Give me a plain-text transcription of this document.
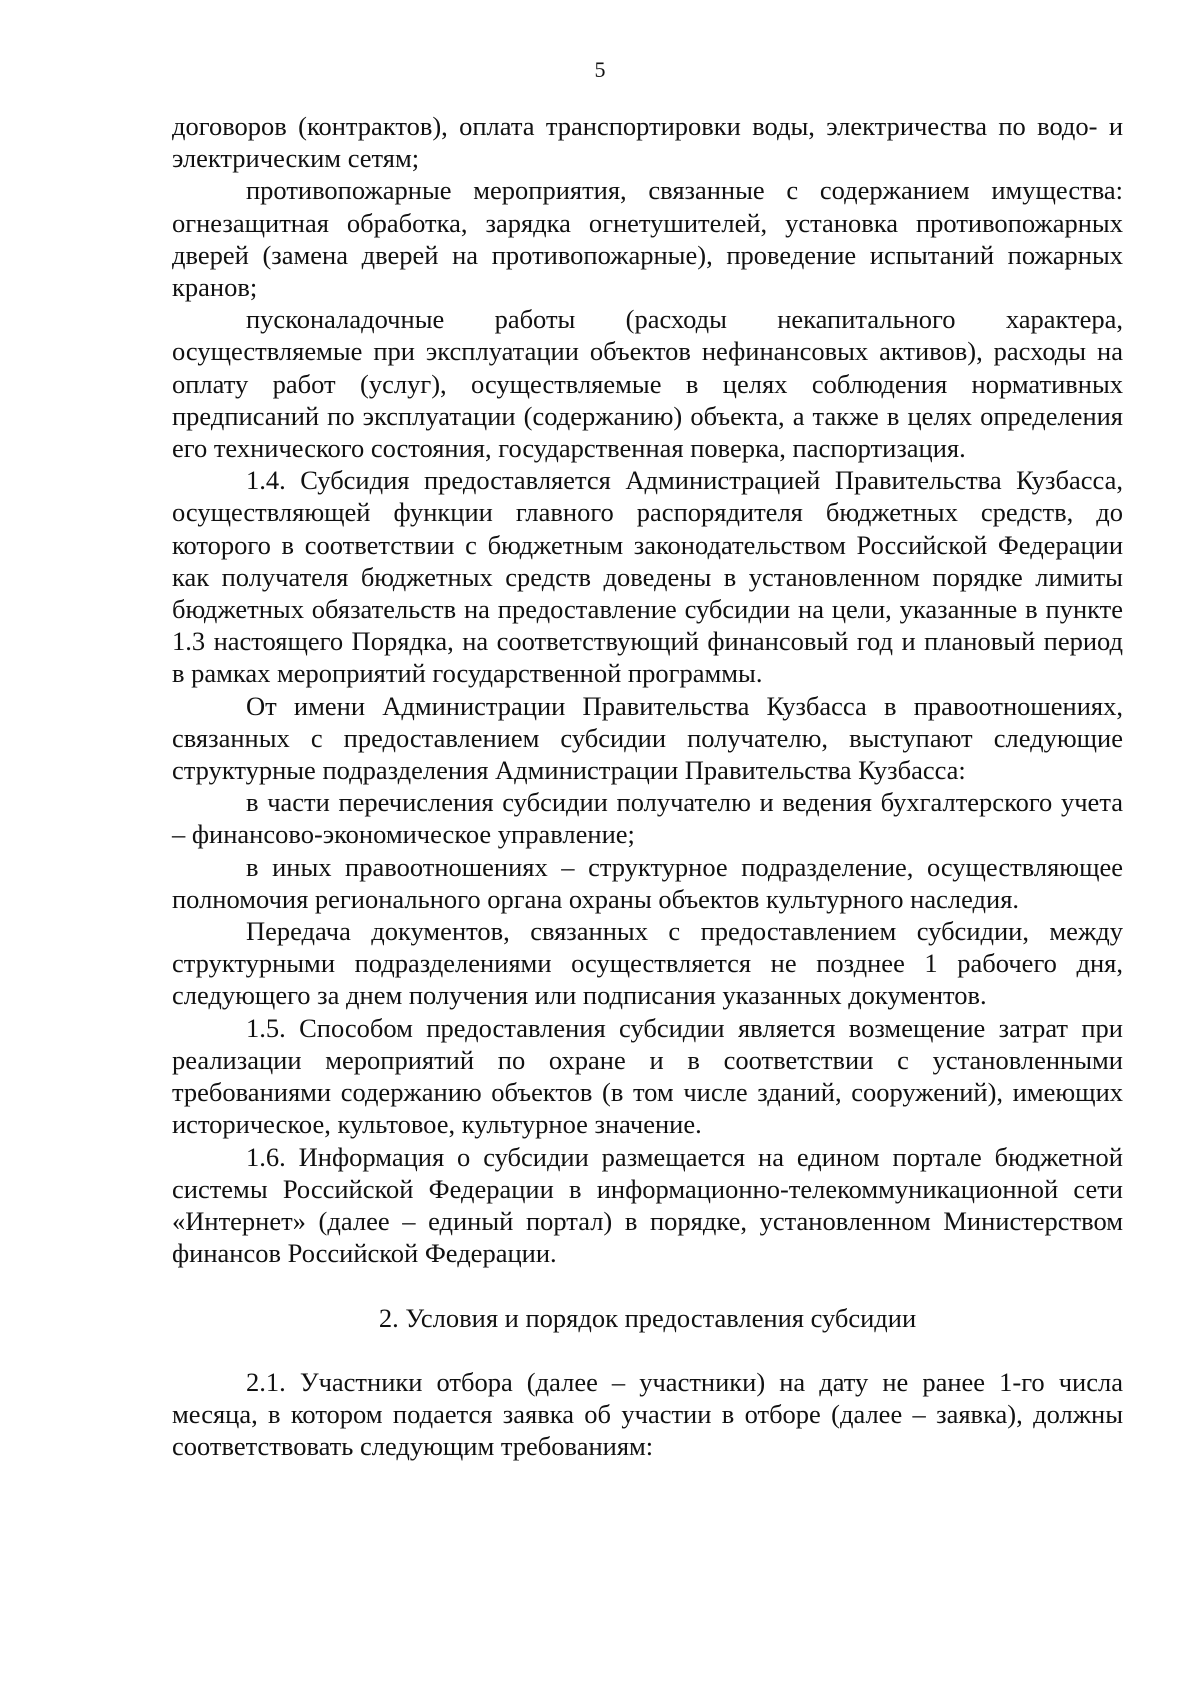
5

договоров (контрактов), оплата транспортировки воды, электричества по водо- и электрическим сетям;

противопожарные мероприятия, связанные с содержанием имущества: огнезащитная обработка, зарядка огнетушителей, установка противопожарных дверей (замена дверей на противопожарные), проведение испытаний пожарных кранов;

пусконаладочные работы (расходы некапитального характера, осуществляемые при эксплуатации объектов нефинансовых активов), расходы на оплату работ (услуг), осуществляемые в целях соблюдения нормативных предписаний по эксплуатации (содержанию) объекта, а также в целях определения его технического состояния, государственная поверка, паспортизация.

1.4. Субсидия предоставляется Администрацией Правительства Кузбасса, осуществляющей функции главного распорядителя бюджетных средств, до которого в соответствии с бюджетным законодательством Российской Федерации как получателя бюджетных средств доведены в установленном порядке лимиты бюджетных обязательств на предоставление субсидии на цели, указанные в пункте 1.3 настоящего Порядка, на соответствующий финансовый год и плановый период в рамках мероприятий государственной программы.

От имени Администрации Правительства Кузбасса в правоотношениях, связанных с предоставлением субсидии получателю, выступают следующие структурные подразделения Администрации Правительства Кузбасса:

в части перечисления субсидии получателю и ведения бухгалтерского учета – финансово-экономическое управление;

в иных правоотношениях – структурное подразделение, осуществляющее полномочия регионального органа охраны объектов культурного наследия.

Передача документов, связанных с предоставлением субсидии, между структурными подразделениями осуществляется не позднее 1 рабочего дня, следующего за днем получения или подписания указанных документов.

1.5. Способом предоставления субсидии является возмещение затрат при реализации мероприятий по охране и в соответствии с установленными требованиями содержанию объектов (в том числе зданий, сооружений), имеющих историческое, культовое, культурное значение.

1.6. Информация о субсидии размещается на едином портале бюджетной системы Российской Федерации в информационно-телекоммуникационной сети «Интернет» (далее – единый портал) в порядке, установленном Министерством финансов Российской Федерации.

2. Условия и порядок предоставления субсидии

2.1. Участники отбора (далее – участники) на дату не ранее 1-го числа месяца, в котором подается заявка об участии в отборе (далее – заявка), должны соответствовать следующим требованиям:
